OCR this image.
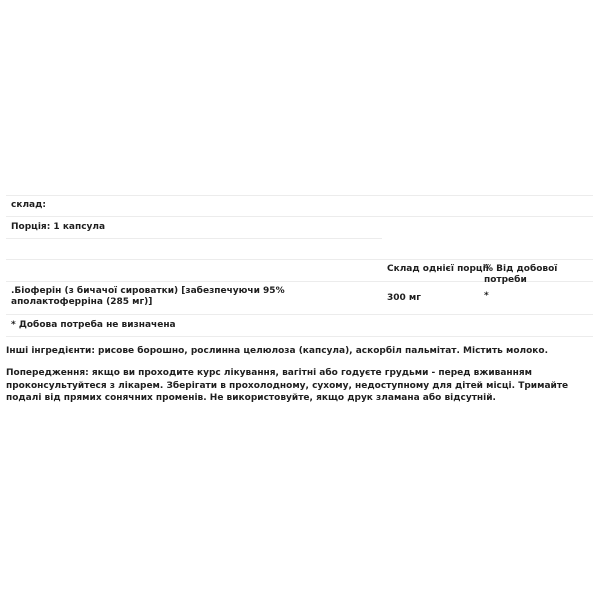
склад:
Порція: 1 капсула
Склад однієї порції
% Від добової потреби
.Біоферін (з бичачої сироватки) [забезпечуючи 95% аполактоферріна (285 мг)]	300 мг	*
* Добова потреба не визначена
Інші інгредієнти: рисове борошно, рослинна целюлоза (капсула), аскорбіл пальмітат. Містить молоко.
Попередження: якщо ви проходите курс лікування, вагітні або годуєте грудьми - перед вживанням проконсультуйтеся з лікарем. Зберігати в прохолодному, сухому, недоступному для дітей місці. Тримайте подалі від прямих сонячних променів. Не використовуйте, якщо друк зламана або відсутній.
